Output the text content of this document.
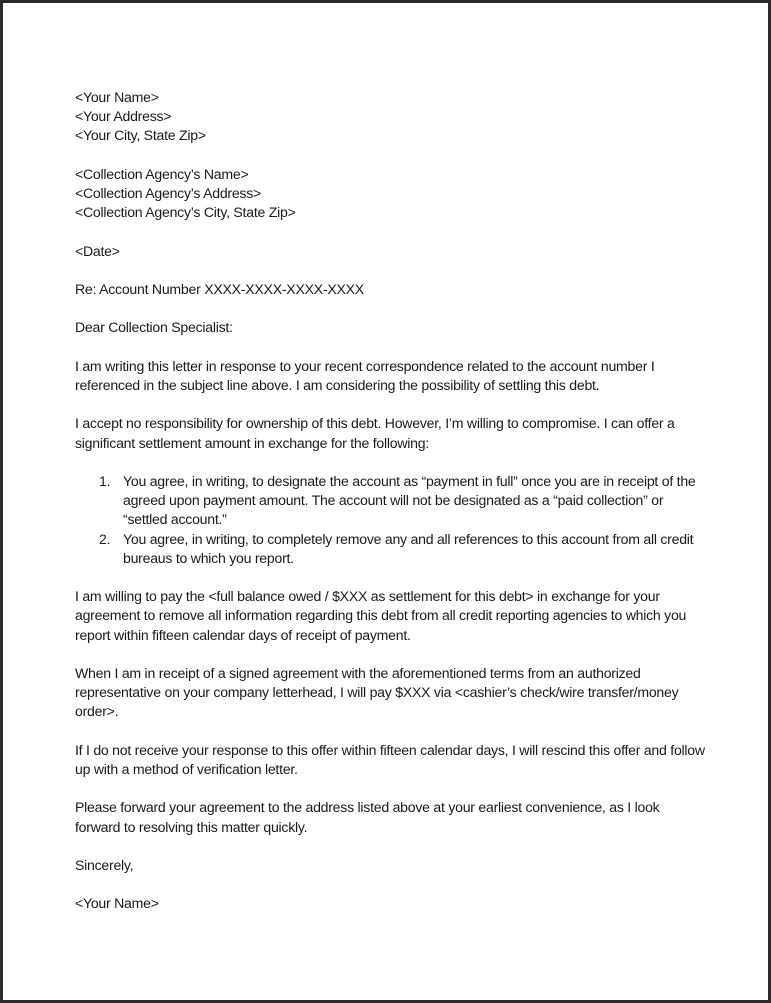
<Your Name>
<Your Address>
<Your City, State Zip>
<Collection Agency’s Name>
<Collection Agency’s Address>
<Collection Agency’s City, State Zip>

<Date>

Re: Account Number XXXX-XXXX-XXXX-XXXX

Dear Collection Specialist:

I am writing this letter in response to your recent correspondence related to the account number I referenced in the subject line above. I am considering the possibility of settling this debt.

I accept no responsibility for ownership of this debt. However, I’m willing to compromise. I can offer a significant settlement amount in exchange for the following:

1. You agree, in writing, to designate the account as “payment in full” once you are in receipt of the agreed upon payment amount. The account will not be designated as a “paid collection” or “settled account.”
2. You agree, in writing, to completely remove any and all references to this account from all credit bureaus to which you report.

I am willing to pay the <full balance owed / $XXX as settlement for this debt> in exchange for your agreement to remove all information regarding this debt from all credit reporting agencies to which you report within fifteen calendar days of receipt of payment.

When I am in receipt of a signed agreement with the aforementioned terms from an authorized representative on your company letterhead, I will pay $XXX via <cashier’s check/wire transfer/money order>.

If I do not receive your response to this offer within fifteen calendar days, I will rescind this offer and follow up with a method of verification letter.

Please forward your agreement to the address listed above at your earliest convenience, as I look forward to resolving this matter quickly.

Sincerely,

<Your Name>
